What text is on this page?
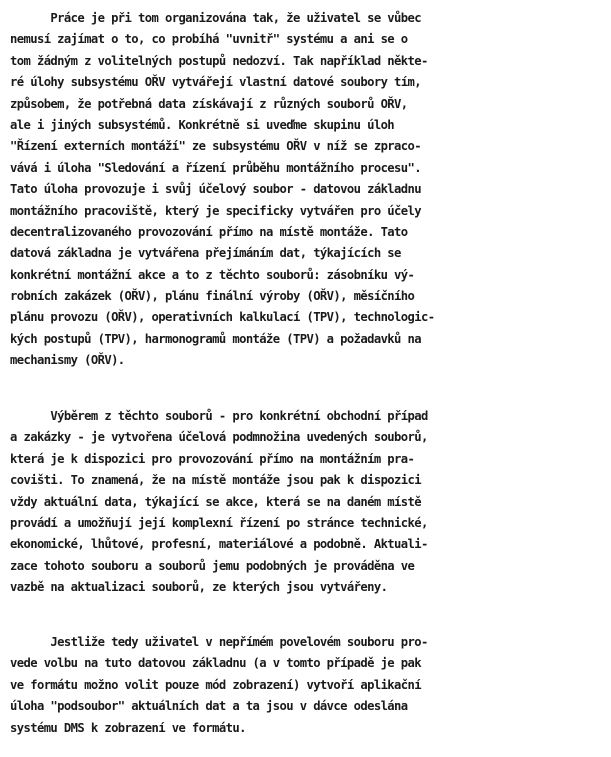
Práce je při tom organizována tak, že uživatel se vůbec
nemusí zajímat o to, co probíhá "uvnitř" systému a ani se o
tom žádným z volitelných postupů nedozví. Tak například někte-
ré úlohy subsystému OŘV vytvářejí vlastní datové soubory tím,
způsobem, že potřebná data získávají z různých souborů OŘV,
ale i jiných subsystémů. Konkrétně si uveďme skupinu úloh
"Řízení externích montáží" ze subsystému OŘV v níž se zpraco-
vává i úloha "Sledování a řízení průběhu montážního procesu".
Tato úloha provozuje i svůj účelový soubor - datovou základnu
montážního pracoviště, který je specificky vytvářen pro účely
decentralizovaného provozování přímo na místě montáže. Tato
datová základna je vytvářena přejímáním dat, týkajících se
konkrétní montážní akce a to z těchto souborů: zásobníku vý-
robních zakázek (OŘV), plánu finální výroby (OŘV), měsíčního
plánu provozu (OŘV), operativních kalkulací (TPV), technologic-
kých postupů (TPV), harmonogramů montáže (TPV) a požadavků na
mechanismy (OŘV).
Výběrem z těchto souborů - pro konkrétní obchodní případ
a zakázky - je vytvořena účelová podmnožina uvedených souborů,
která je k dispozici pro provozování přímo na montážním pra-
covišti. To znamená, že na místě montáže jsou pak k dispozici
vždy aktuální data, týkající se akce, která se na daném místě
provádí a umožňují její komplexní řízení po stránce technické,
ekonomické, lhůtové, profesní, materiálové a podobně. Aktuali-
zace tohoto souboru a souborů jemu podobných je prováděna ve
vazbě na aktualizaci souborů, ze kterých jsou vytvářeny.
Jestliže tedy uživatel v nepřímém povelovém souboru pro-
vede volbu na tuto datovou základnu (a v tomto případě je pak
ve formátu možno volit pouze mód zobrazení) vytvoří aplikační
úloha "podsoubor" aktuálních dat a ta jsou v dávce odeslána
systému DMS k zobrazení ve formátu.
